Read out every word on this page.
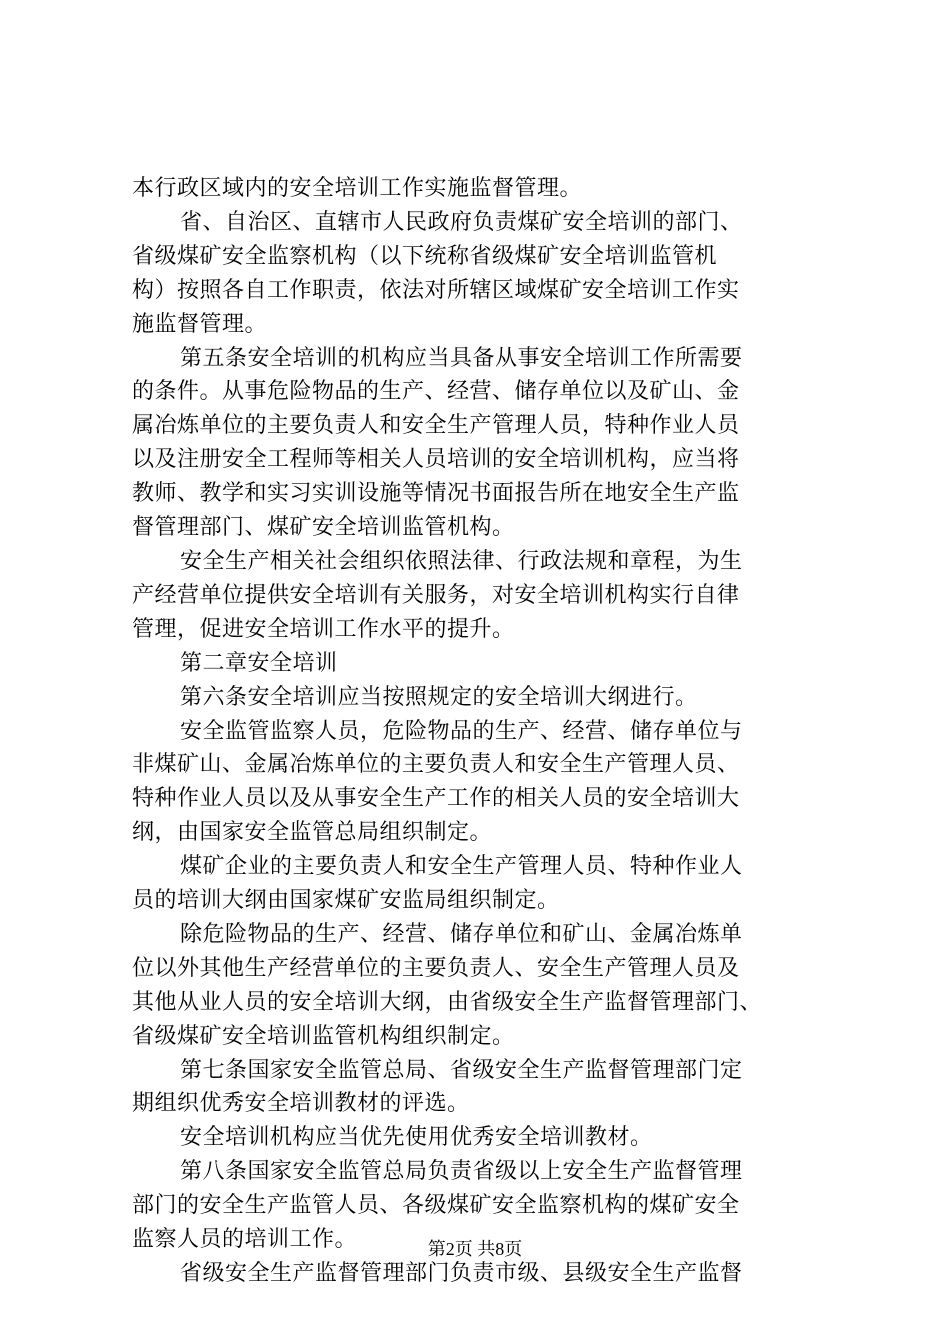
本行政区域内的安全培训工作实施监督管理。
省、自治区、直辖市人民政府负责煤矿安全培训的部门、
省级煤矿安全监察机构（以下统称省级煤矿安全培训监管机
构）按照各自工作职责，依法对所辖区域煤矿安全培训工作实
施监督管理。
第五条安全培训的机构应当具备从事安全培训工作所需要
的条件。从事危险物品的生产、经营、储存单位以及矿山、金
属冶炼单位的主要负责人和安全生产管理人员，特种作业人员
以及注册安全工程师等相关人员培训的安全培训机构，应当将
教师、教学和实习实训设施等情况书面报告所在地安全生产监
督管理部门、煤矿安全培训监管机构。
安全生产相关社会组织依照法律、行政法规和章程，为生
产经营单位提供安全培训有关服务，对安全培训机构实行自律
管理，促进安全培训工作水平的提升。
第二章安全培训
第六条安全培训应当按照规定的安全培训大纲进行。
安全监管监察人员，危险物品的生产、经营、储存单位与
非煤矿山、金属冶炼单位的主要负责人和安全生产管理人员、
特种作业人员以及从事安全生产工作的相关人员的安全培训大
纲，由国家安全监管总局组织制定。
煤矿企业的主要负责人和安全生产管理人员、特种作业人
员的培训大纲由国家煤矿安监局组织制定。
除危险物品的生产、经营、储存单位和矿山、金属冶炼单
位以外其他生产经营单位的主要负责人、安全生产管理人员及
其他从业人员的安全培训大纲，由省级安全生产监督管理部门、
省级煤矿安全培训监管机构组织制定。
第七条国家安全监管总局、省级安全生产监督管理部门定
期组织优秀安全培训教材的评选。
安全培训机构应当优先使用优秀安全培训教材。
第八条国家安全监管总局负责省级以上安全生产监督管理
部门的安全生产监管人员、各级煤矿安全监察机构的煤矿安全
监察人员的培训工作。
省级安全生产监督管理部门负责市级、县级安全生产监督
第2页 共8页
